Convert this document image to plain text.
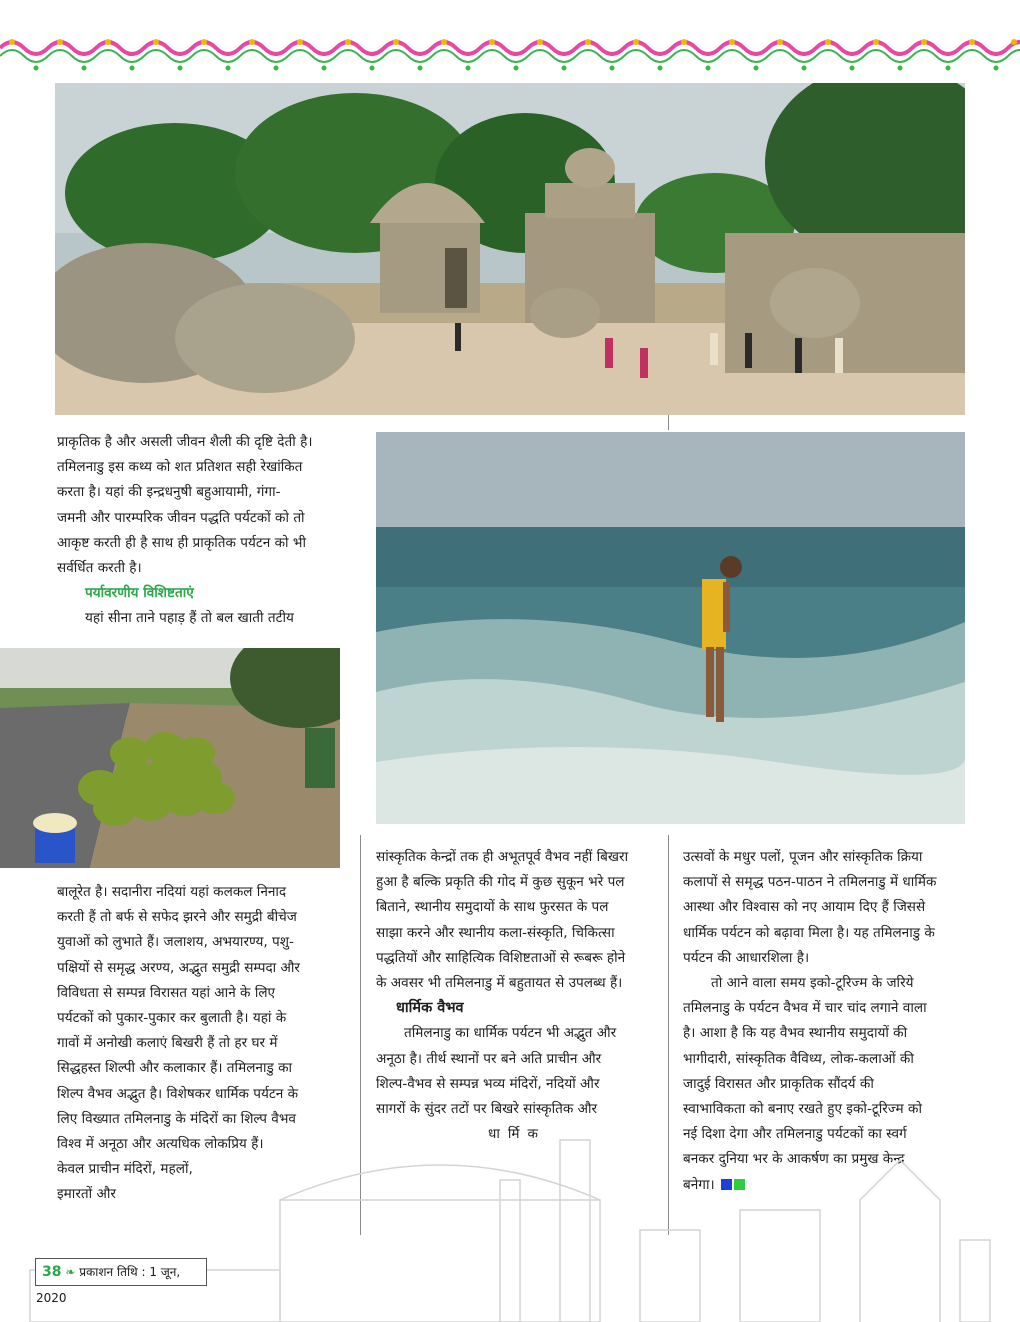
प्राकृतिक है और असली जीवन शैली की दृष्टि देती है।

तमिलनाडु इस कथ्य को शत प्रतिशत सही रेखांकित

करता है। यहां की इन्द्रधनुषी बहुआयामी, गंगा-

जमनी और पारम्परिक जीवन पद्धति पर्यटकों को तो

आकृष्ट करती ही है साथ ही प्राकृतिक पर्यटन को भी

सर्वर्धित करती है।

पर्यावरणीय विशिष्टताएं

यहां सीना ताने पहाड़ हैं तो बल खाती तटीय

बालूरेत है। सदानीरा नदियां यहां कलकल निनाद

करती हैं तो बर्फ से सफेद झरने और समुद्री बीचेज

युवाओं को लुभाते हैं। जलाशय, अभयारण्य, पशु-

पक्षियों से समृद्ध अरण्य, अद्भुत समुद्री सम्पदा और

विविधता से सम्पन्न विरासत यहां आने के लिए

पर्यटकों को पुकार-पुकार कर बुलाती है। यहां के

गावों में अनोखी कलाएं बिखरी हैं तो हर घर में

सिद्धहस्त शिल्पी और कलाकार हैं। तमिलनाडु का

शिल्प वैभव अद्भुत है। विशेषकर धार्मिक पर्यटन के

लिए विख्यात तमिलनाडु के मंदिरों का शिल्प वैभव

विश्व में अनूठा और अत्यधिक लोकप्रिय हैं।

केवल प्राचीन मंदिरों, महलों,

इमारतों और

सांस्कृतिक केन्द्रों तक ही अभूतपूर्व वैभव नहीं बिखरा

हुआ है बल्कि प्रकृति की गोद में कुछ सुकून भरे पल

बिताने, स्थानीय समुदायों के साथ फुरसत के पल

साझा करने और स्थानीय कला-संस्कृति, चिकित्सा

पद्धतियों और साहित्यिक विशिष्टताओं से रूबरू होने

के अवसर भी तमिलनाडु में बहुतायत से उपलब्ध हैं।

धार्मिक वैभव

तमिलनाडु का धार्मिक पर्यटन भी अद्भुत और

अनूठा है। तीर्थ स्थानों पर बने अति प्राचीन और

शिल्प-वैभव से सम्पन्न भव्य मंदिरों, नदियों और

सागरों के सुंदर तटों पर बिखरे सांस्कृतिक और

धार्मिक

उत्सवों के मधुर पलों, पूजन और सांस्कृतिक क्रिया

कलापों से समृद्ध पठन-पाठन ने तमिलनाडु में धार्मिक

आस्था और विश्वास को नए आयाम दिए हैं जिससे

धार्मिक पर्यटन को बढ़ावा मिला है। यह तमिलनाडु के

पर्यटन की आधारशिला है।

तो आने वाला समय इको-टूरिज्म के जरिये

तमिलनाडु के पर्यटन वैभव में चार चांद लगाने वाला

है। आशा है कि यह वैभव स्थानीय समुदायों की

भागीदारी, सांस्कृतिक वैविध्य, लोक-कलाओं की

जादुई विरासत और प्राकृतिक सौंदर्य की

स्वाभाविकता को बनाए रखते हुए इको-टूरिज्म को

नई दिशा देगा और तमिलनाडु पर्यटकों का स्वर्ग

बनकर दुनिया भर के आकर्षण का प्रमुख केन्द्र

बनेगा।

38 ❧ प्रकाशन तिथि : 1 जून, 2020
